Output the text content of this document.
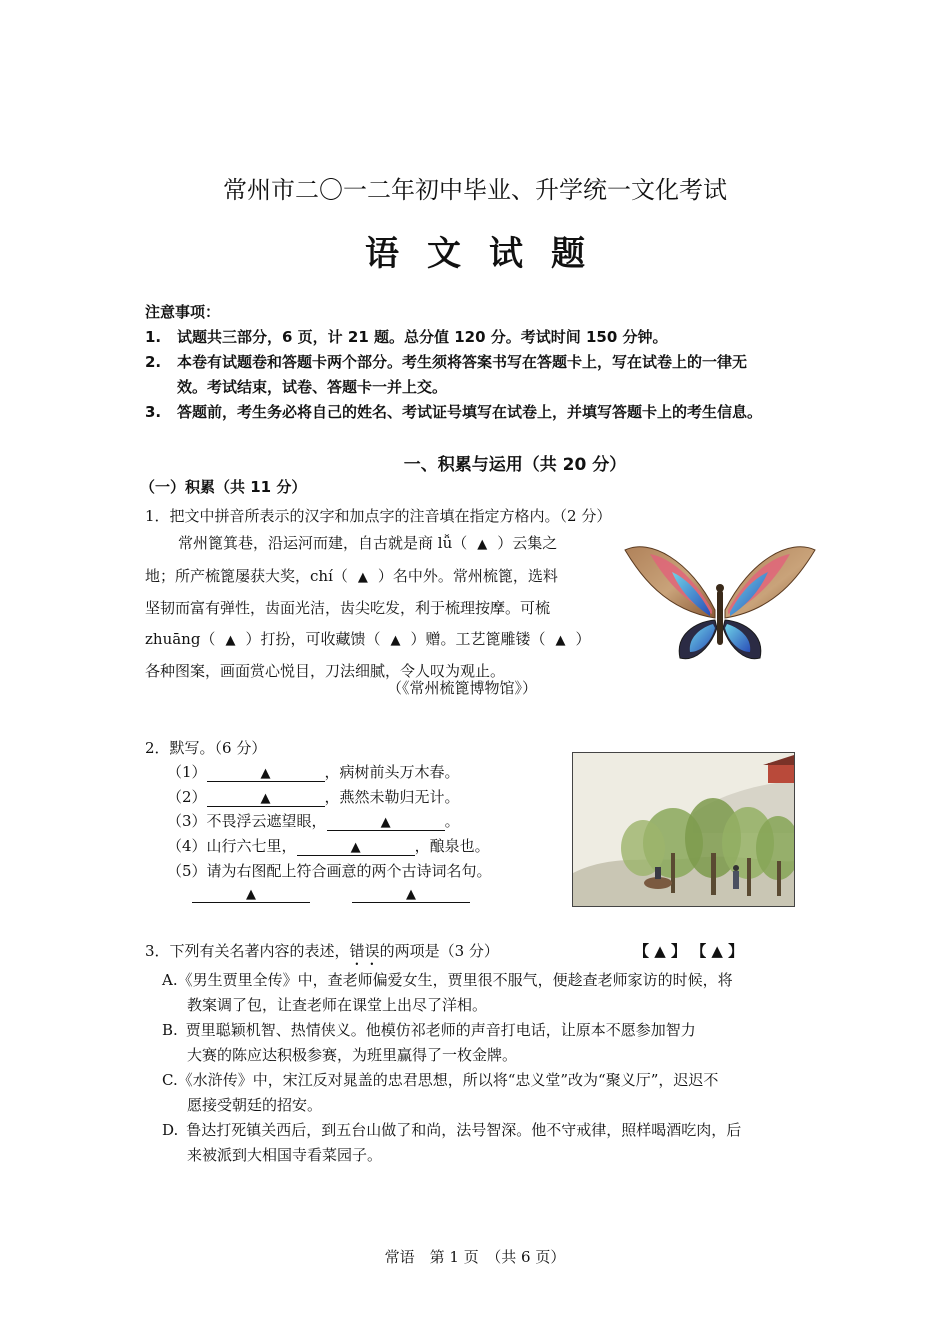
常州市二〇一二年初中毕业、升学统一文化考试
语文试题
注意事项：
1. 试题共三部分，6 页，计 21 题。总分值 120 分。考试时间 150 分钟。
2. 本卷有试题卷和答题卡两个部分。考生须将答案书写在答题卡上，写在试卷上的一律无
效。考试结束，试卷、答题卡一并上交。
3. 答题前，考生务必将自己的姓名、考试证号填写在试卷上，并填写答题卡上的考生信息。
一、积累与运用（共 20 分）
（一）积累（共 11 分）
1．把文中拼音所表示的汉字和加点字的注音填在指定方格内。（2 分）
常州篦箕巷，沿运河而建，自古就是商 lǚ（ ▲ ）云集之
地；所产梳篦屡获大奖，chí（ ▲ ）名中外。常州梳篦，选料
坚韧而富有弹性，齿面光洁，齿尖吃发，利于梳理按摩。可梳
zhuāng（ ▲ ）打扮，可收藏馈（ ▲ ）赠。工艺篦雕镂（ ▲ ）
各种图案，画面赏心悦目，刀法细腻，令人叹为观止。
（《常州梳篦博物馆》）
2．默写。（6 分）
（1）	▲	，病树前头万木春。
（2）	▲	，燕然未勒归无计。
（3）不畏浮云遮望眼，	▲	。
（4）山行六七里，	▲	，酿泉也。
（5）请为右图配上符合画意的两个古诗词名句。
▲	▲
3．下列有关名著内容的表述，错误的两项是（3 分）	【 ▲ 】 【 ▲ 】
A.《男生贾里全传》中，查老师偏爱女生，贾里很不服气，便趁查老师家访的时候，将
教案调了包，让查老师在课堂上出尽了洋相。
B. 贾里聪颖机智、热情侠义。他模仿祁老师的声音打电话，让原本不愿参加智力
大赛的陈应达积极参赛，为班里赢得了一枚金牌。
C.《水浒传》中，宋江反对晁盖的忠君思想，所以将“忠义堂”改为“聚义厅”，迟迟不
愿接受朝廷的招安。
D. 鲁达打死镇关西后，到五台山做了和尚，法号智深。他不守戒律，照样喝酒吃肉，后
来被派到大相国寺看菜园子。
常语　第 1 页　（共 6 页）
